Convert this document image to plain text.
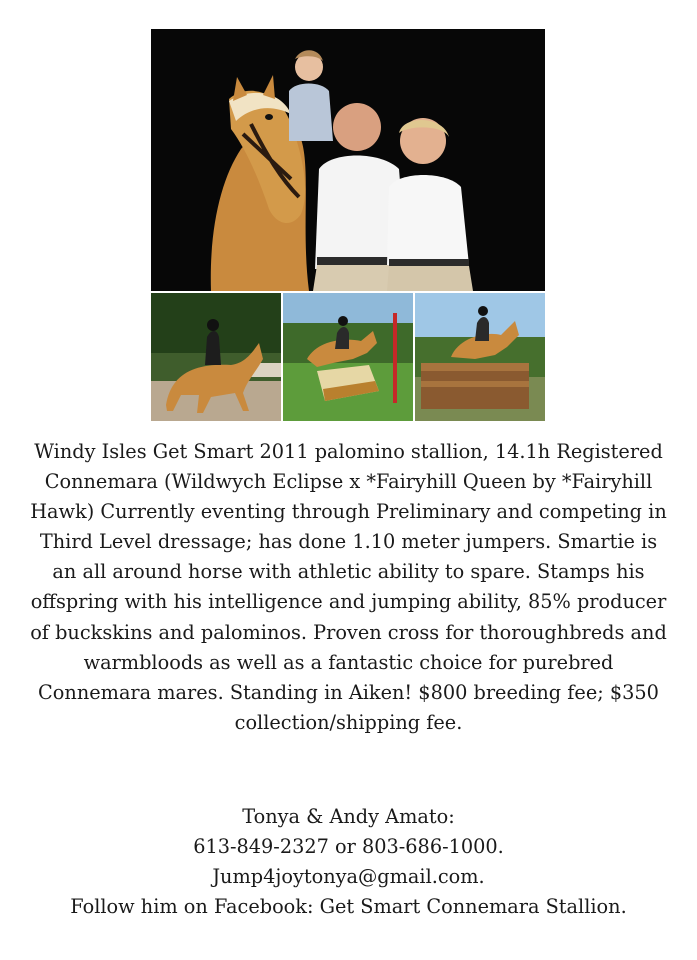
Windy Isles Get Smart 2011 palomino stallion, 14.1h Registered Connemara (Wildwych Eclipse x *Fairyhill Queen by *Fairyhill Hawk) Currently eventing through Preliminary and competing in Third Level dressage; has done 1.10 meter jumpers. Smartie is an all around horse with athletic ability to spare. Stamps his offspring with his intelligence and jumping ability, 85% producer of buckskins and palominos. Proven cross for thoroughbreds and warmbloods as well as a fantastic choice for purebred Connemara mares. Standing in Aiken! $800 breeding fee; $350 collection/shipping fee.

Tonya & Andy Amato:
613-849-2327 or 803-686-1000.
Jump4joytonya@gmail.com.
Follow him on Facebook: Get Smart Connemara Stallion.
